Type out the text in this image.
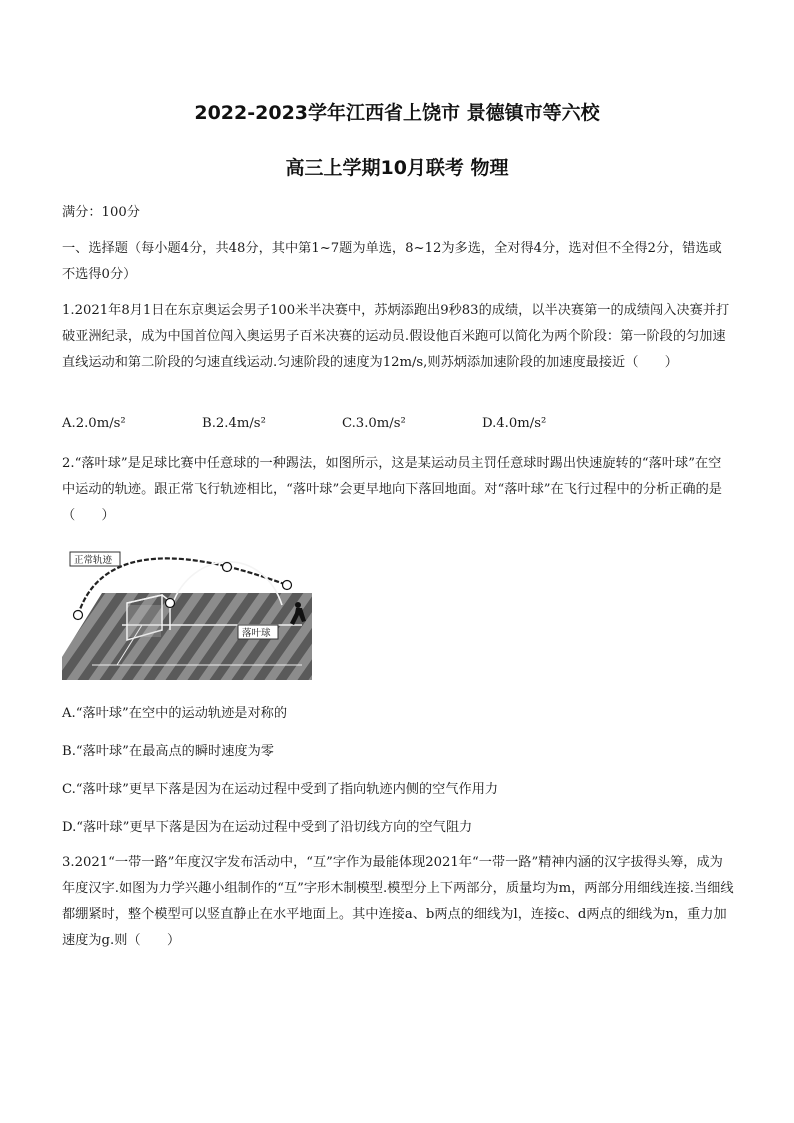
2022-2023学年江西省上饶市 景德镇市等六校
高三上学期10月联考 物理
满分：100分
一、选择题（每小题4分，共48分，其中第1~7题为单选，8~12为多选，全对得4分，选对但不全得2分，错选或不选得0分）
1.2021年8月1日在东京奥运会男子100米半决赛中，苏炳添跑出9秒83的成绩，以半决赛第一的成绩闯入决赛并打破亚洲纪录，成为中国首位闯入奥运男子百米决赛的运动员.假设他百米跑可以简化为两个阶段：第一阶段的匀加速直线运动和第二阶段的匀速直线运动.匀速阶段的速度为12m/s,则苏炳添加速阶段的加速度最接近（　　）
A.2.0m/s²	B.2.4m/s²	C.3.0m/s²	D.4.0m/s²
2.“落叶球”是足球比赛中任意球的一种踢法，如图所示，这是某运动员主罚任意球时踢出快速旋转的“落叶球”在空中运动的轨迹。跟正常飞行轨迹相比，“落叶球”会更早地向下落回地面。对“落叶球”在飞行过程中的分析正确的是（　　）
正常轨迹
落叶球
A.“落叶球”在空中的运动轨迹是对称的
B.“落叶球”在最高点的瞬时速度为零
C.“落叶球”更早下落是因为在运动过程中受到了指向轨迹内侧的空气作用力
D.“落叶球”更早下落是因为在运动过程中受到了沿切线方向的空气阻力
3.2021“一带一路”年度汉字发布活动中，“互”字作为最能体现2021年“一带一路”精神内涵的汉字拔得头筹，成为年度汉字.如图为力学兴趣小组制作的“互”字形木制模型.模型分上下两部分，质量均为m，两部分用细线连接.当细线都绷紧时，整个模型可以竖直静止在水平地面上。其中连接a、b两点的细线为l，连接c、d两点的细线为n，重力加速度为g.则（　　）
